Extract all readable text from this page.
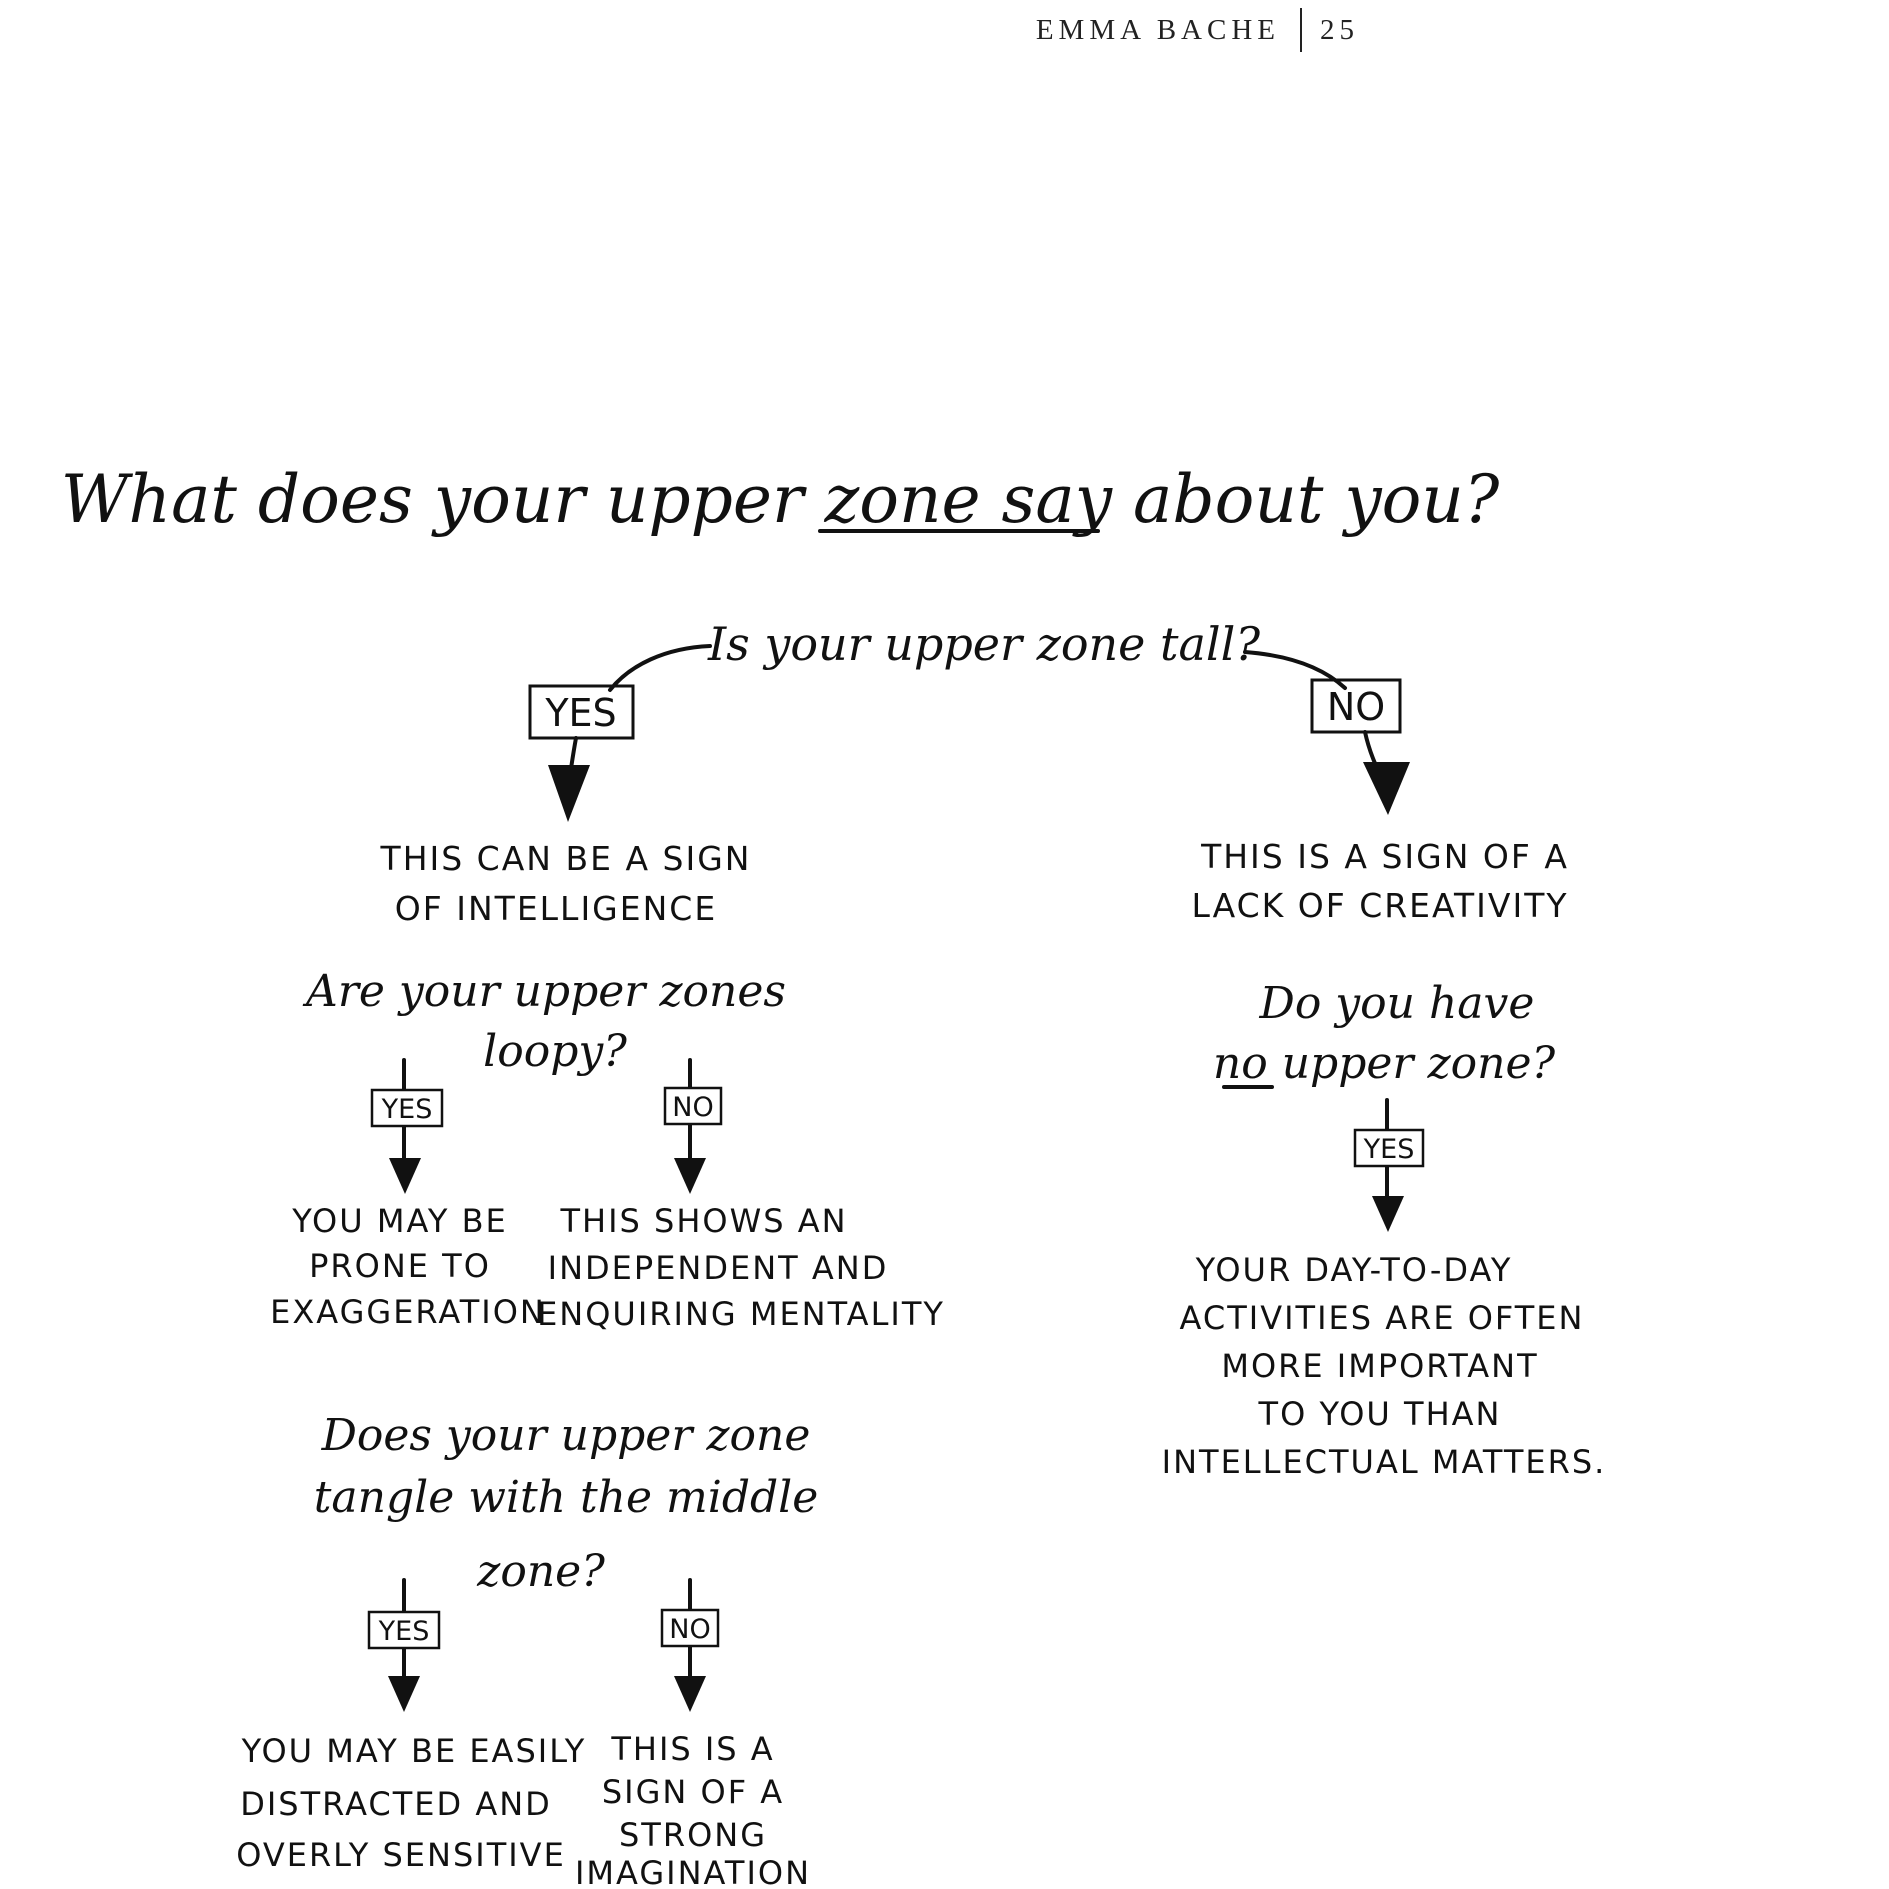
EMMA BACHE 25
What does your upper zone say about you?
Is your upper zone tall?
YES	NO
THIS CAN BE A SIGN
OF INTELLIGENCE
THIS IS A SIGN OF A
LACK OF CREATIVITY
Are your upper zones
loopy?
YES	NO
YOU MAY BE
PRONE TO
EXAGGERATION
THIS SHOWS AN
INDEPENDENT AND
ENQUIRING MENTALITY
Do you have
no upper zone?
YES
YOUR DAY-TO-DAY
ACTIVITIES ARE OFTEN
MORE IMPORTANT
TO YOU THAN
INTELLECTUAL MATTERS.
Does your upper zone
tangle with the middle
zone?
YES	NO
YOU MAY BE EASILY
DISTRACTED AND
OVERLY SENSITIVE
THIS IS A
SIGN OF A
STRONG
IMAGINATION
